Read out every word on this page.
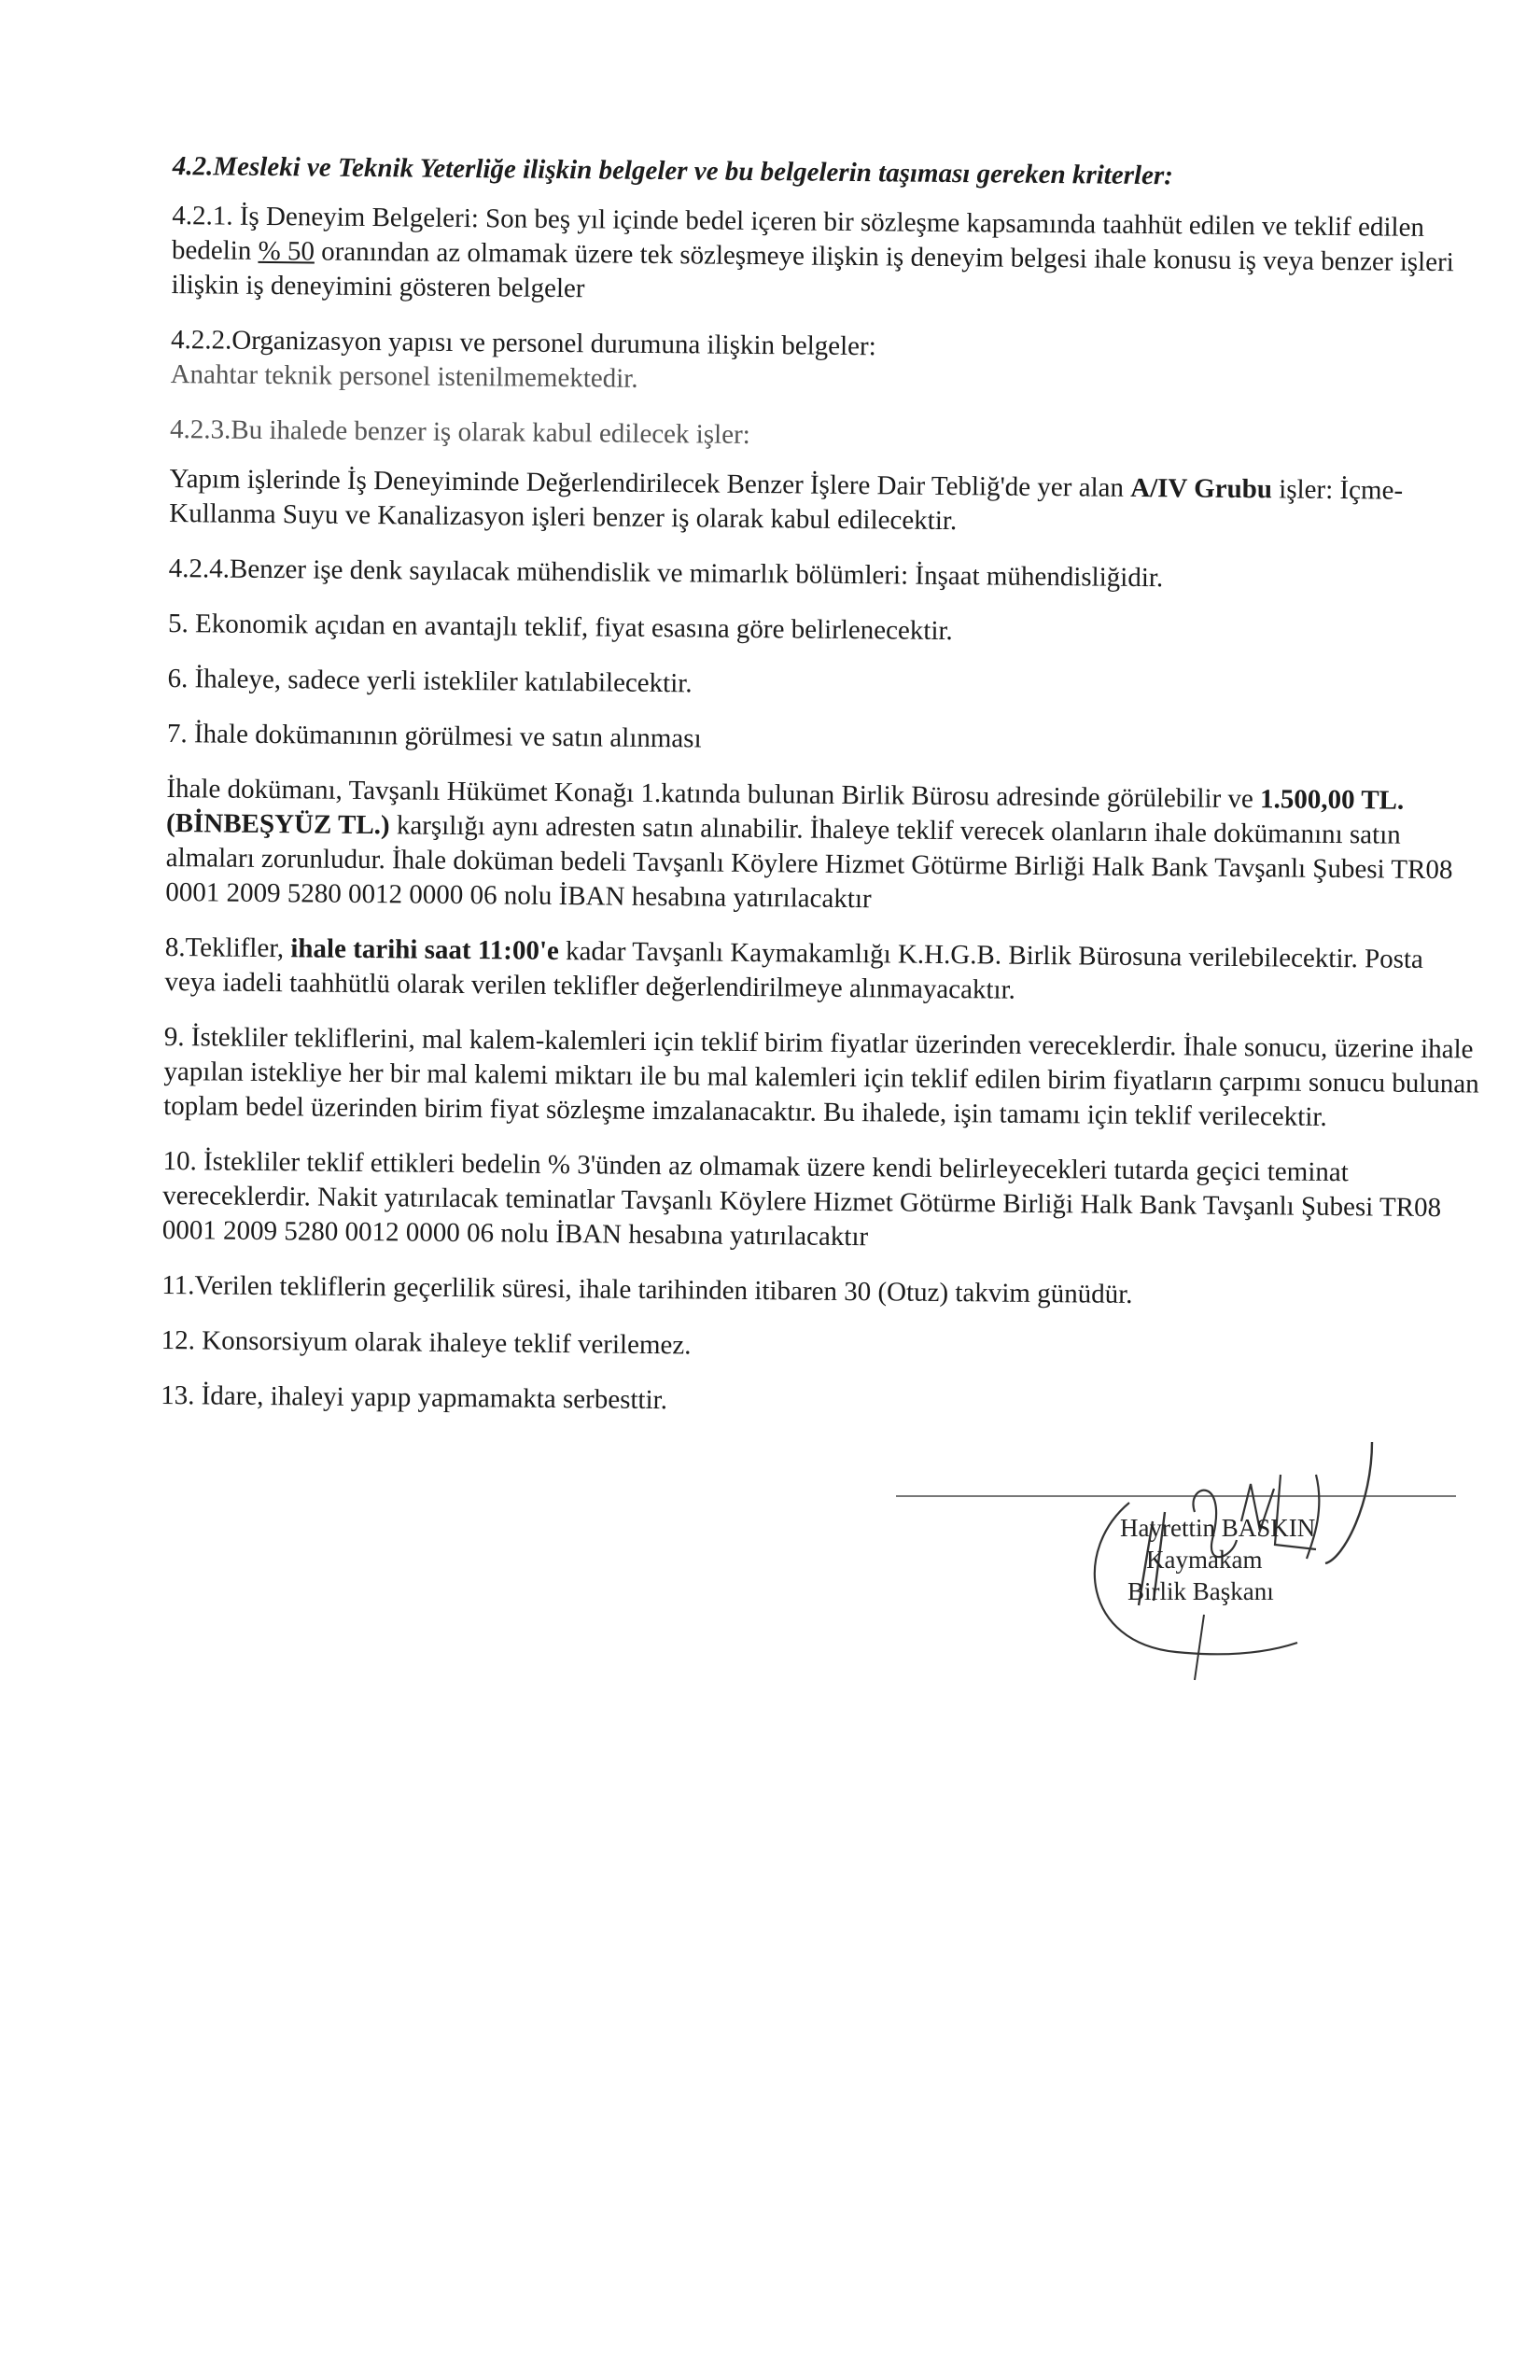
4.2.Mesleki ve Teknik Yeterliğe ilişkin belgeler ve bu belgelerin taşıması gereken kriterler:

4.2.1. İş Deneyim Belgeleri: Son beş yıl içinde bedel içeren bir sözleşme kapsamında taahhüt edilen ve teklif edilen bedelin % 50 oranından az olmamak üzere tek sözleşmeye ilişkin iş deneyim belgesi ihale konusu iş veya benzer işleri ilişkin iş deneyimini gösteren belgeler

4.2.2.Organizasyon yapısı ve personel durumuna ilişkin belgeler:

Anahtar teknik personel istenilmemektedir.

4.2.3.Bu ihalede benzer iş olarak kabul edilecek işler:

Yapım işlerinde İş Deneyiminde Değerlendirilecek Benzer İşlere Dair Tebliğ'de yer alan A/IV Grubu işler: İçme-Kullanma Suyu ve Kanalizasyon işleri benzer iş olarak kabul edilecektir.

4.2.4.Benzer işe denk sayılacak mühendislik ve mimarlık bölümleri: İnşaat mühendisliğidir.

5. Ekonomik açıdan en avantajlı teklif, fiyat esasına göre belirlenecektir.

6. İhaleye, sadece yerli istekliler katılabilecektir.

7. İhale dokümanının görülmesi ve satın alınması

İhale dokümanı, Tavşanlı Hükümet Konağı 1.katında bulunan Birlik Bürosu adresinde görülebilir ve 1.500,00 TL. (BİNBEŞYÜZ TL.) karşılığı aynı adresten satın alınabilir. İhaleye teklif verecek olanların ihale dokümanını satın almaları zorunludur. İhale doküman bedeli Tavşanlı Köylere Hizmet Götürme Birliği Halk Bank Tavşanlı Şubesi TR08 0001 2009 5280 0012 0000 06 nolu İBAN hesabına yatırılacaktır

8.Teklifler, ihale tarihi saat 11:00'e kadar Tavşanlı Kaymakamlığı K.H.G.B. Birlik Bürosuna verilebilecektir. Posta veya iadeli taahhütlü olarak verilen teklifler değerlendirilmeye alınmayacaktır.

9. İstekliler tekliflerini, mal kalem-kalemleri için teklif birim fiyatlar üzerinden vereceklerdir. İhale sonucu, üzerine ihale yapılan istekliye her bir mal kalemi miktarı ile bu mal kalemleri için teklif edilen birim fiyatların çarpımı sonucu bulunan toplam bedel üzerinden birim fiyat sözleşme imzalanacaktır. Bu ihalede, işin tamamı için teklif verilecektir.

10. İstekliler teklif ettikleri bedelin % 3'ünden az olmamak üzere kendi belirleyecekleri tutarda geçici teminat vereceklerdir. Nakit yatırılacak teminatlar Tavşanlı Köylere Hizmet Götürme Birliği Halk Bank Tavşanlı Şubesi TR08 0001 2009 5280 0012 0000 06 nolu İBAN hesabına yatırılacaktır

11.Verilen tekliflerin geçerlilik süresi, ihale tarihinden itibaren 30 (Otuz) takvim günüdür.

12. Konsorsiyum olarak ihaleye teklif verilemez.

13. İdare, ihaleyi yapıp yapmamakta serbesttir.

Hayrettin BASKIN
Kaymakam
Birlik Başkanı
